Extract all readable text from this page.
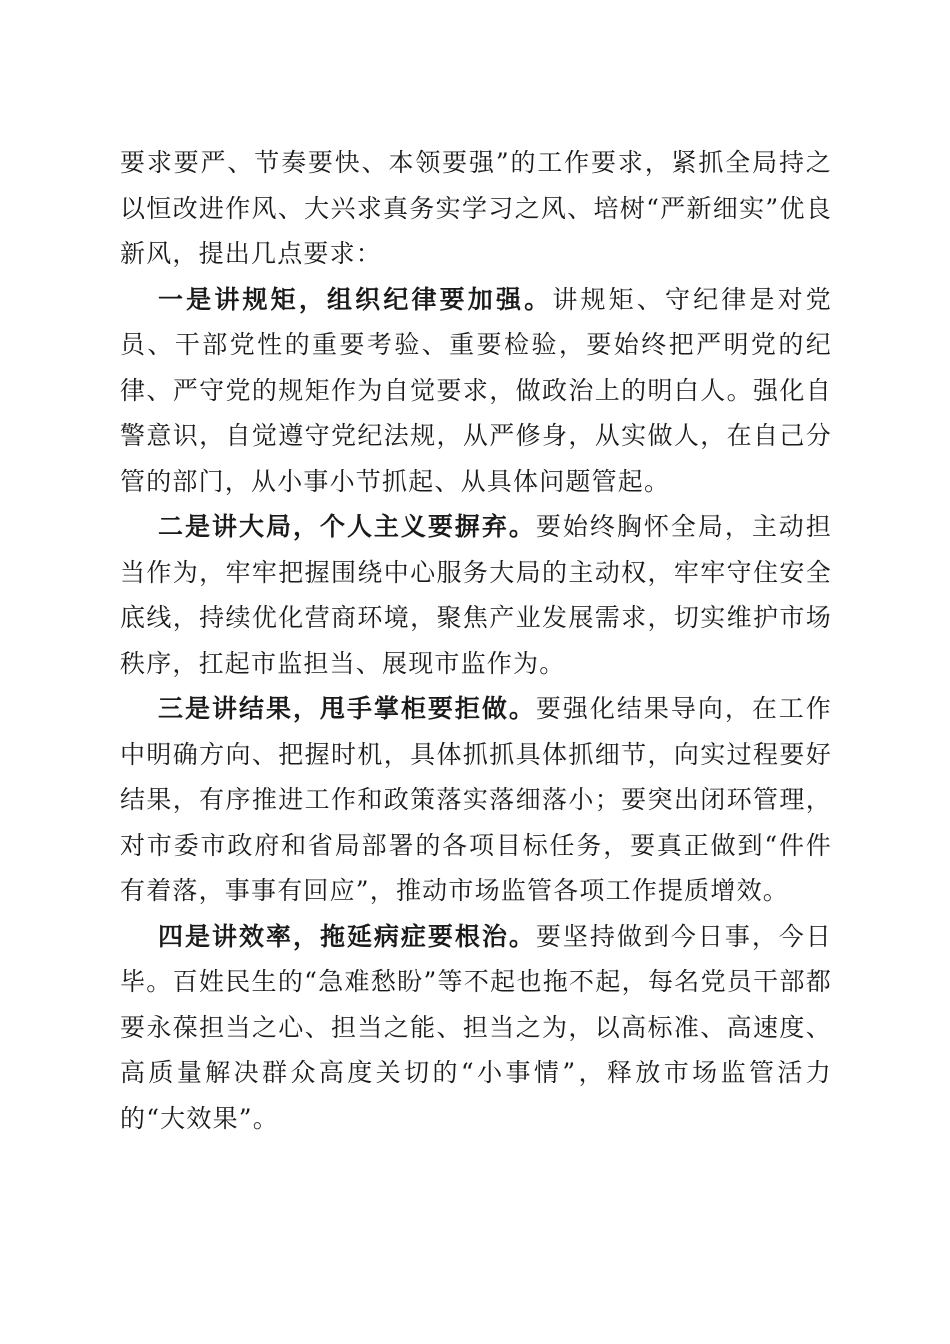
要求要严、节奏要快、本领要强”的工作要求，紧抓全局持之以恒改进作风、大兴求真务实学习之风、培树“严新细实”优良新风，提出几点要求：

一是讲规矩，组织纪律要加强。讲规矩、守纪律是对党员、干部党性的重要考验、重要检验，要始终把严明党的纪律、严守党的规矩作为自觉要求，做政治上的明白人。强化自警意识，自觉遵守党纪法规，从严修身，从实做人，在自己分管的部门，从小事小节抓起、从具体问题管起。

二是讲大局，个人主义要摒弃。要始终胸怀全局，主动担当作为，牢牢把握围绕中心服务大局的主动权，牢牢守住安全底线，持续优化营商环境，聚焦产业发展需求，切实维护市场秩序，扛起市监担当、展现市监作为。

三是讲结果，甩手掌柜要拒做。要强化结果导向，在工作中明确方向、把握时机，具体抓抓具体抓细节，向实过程要好结果，有序推进工作和政策落实落细落小；要突出闭环管理，对市委市政府和省局部署的各项目标任务，要真正做到“件件有着落，事事有回应”，推动市场监管各项工作提质增效。

四是讲效率，拖延病症要根治。要坚持做到今日事，今日毕。百姓民生的“急难愁盼”等不起也拖不起，每名党员干部都要永葆担当之心、担当之能、担当之为，以高标准、高速度、高质量解决群众高度关切的“小事情”，释放市场监管活力的“大效果”。
